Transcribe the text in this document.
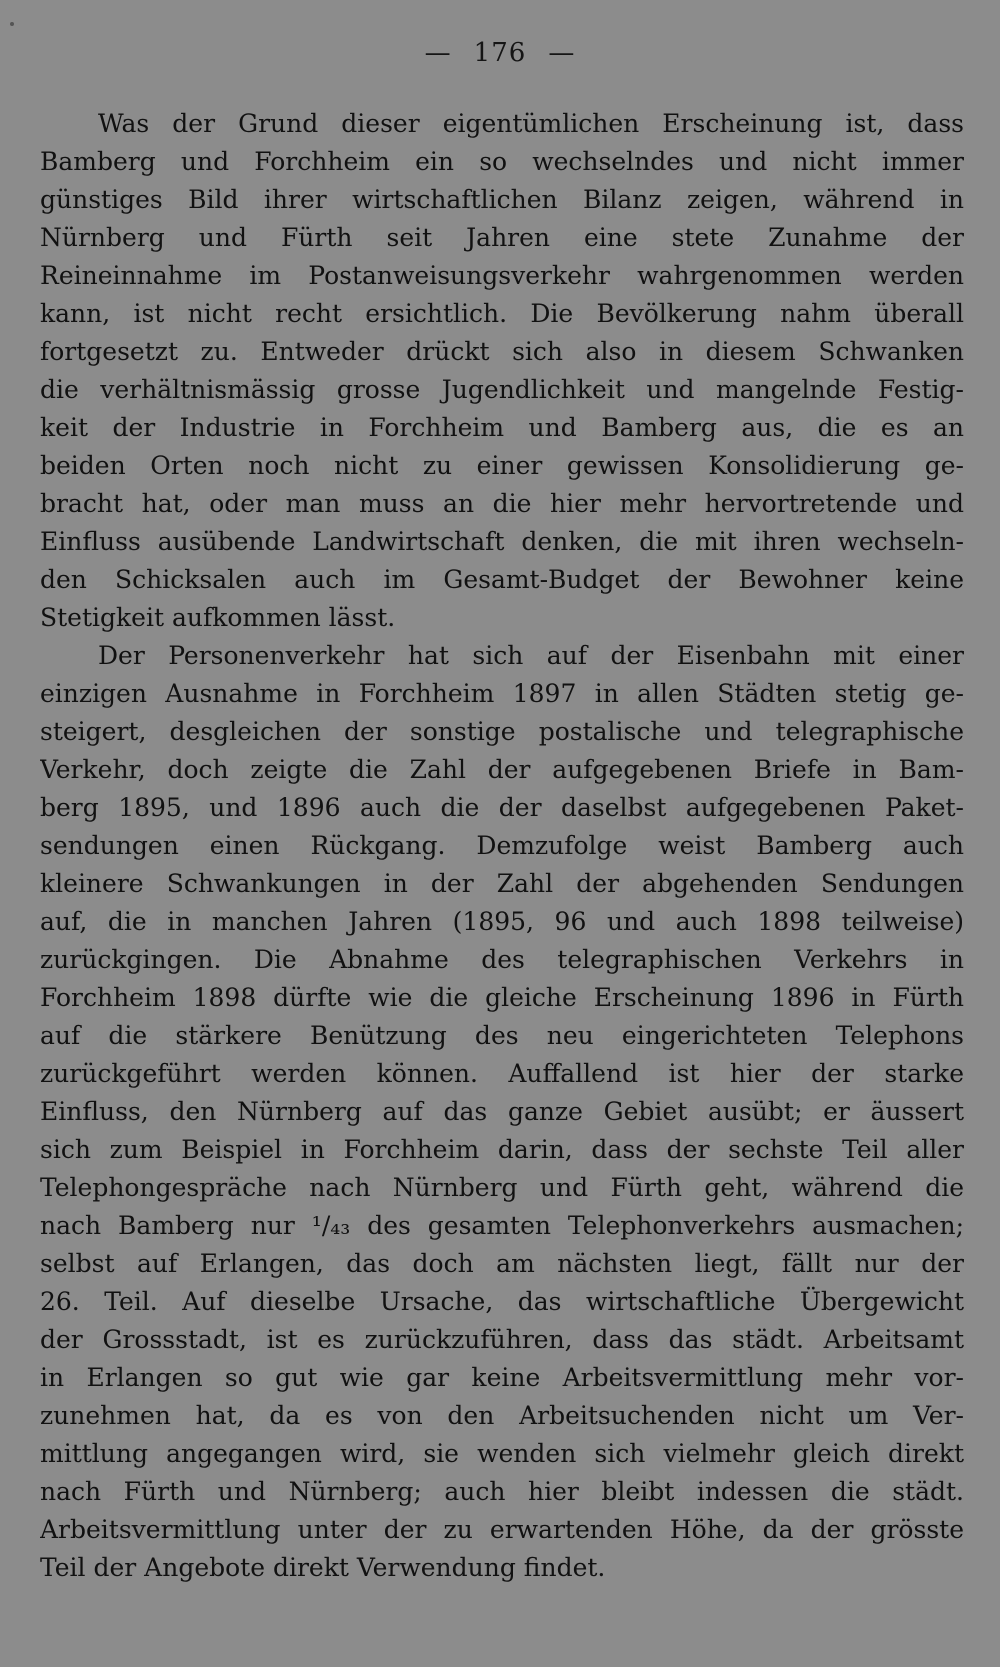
— 176 —
Was der Grund dieser eigentümlichen Erscheinung ist, dass
Bamberg und Forchheim ein so wechselndes und nicht immer
günstiges Bild ihrer wirtschaftlichen Bilanz zeigen, während in
Nürnberg und Fürth seit Jahren eine stete Zunahme der
Reineinnahme im Postanweisungsverkehr wahrgenommen werden
kann, ist nicht recht ersichtlich. Die Bevölkerung nahm überall
fortgesetzt zu. Entweder drückt sich also in diesem Schwanken
die verhältnismässig grosse Jugendlichkeit und mangelnde Festig-
keit der Industrie in Forchheim und Bamberg aus, die es an
beiden Orten noch nicht zu einer gewissen Konsolidierung ge-
bracht hat, oder man muss an die hier mehr hervortretende und
Einfluss ausübende Landwirtschaft denken, die mit ihren wechseln-
den Schicksalen auch im Gesamt-Budget der Bewohner keine
Stetigkeit aufkommen lässt.
Der Personenverkehr hat sich auf der Eisenbahn mit einer
einzigen Ausnahme in Forchheim 1897 in allen Städten stetig ge-
steigert, desgleichen der sonstige postalische und telegraphische
Verkehr, doch zeigte die Zahl der aufgegebenen Briefe in Bam-
berg 1895, und 1896 auch die der daselbst aufgegebenen Paket-
sendungen einen Rückgang. Demzufolge weist Bamberg auch
kleinere Schwankungen in der Zahl der abgehenden Sendungen
auf, die in manchen Jahren (1895, 96 und auch 1898 teilweise)
zurückgingen. Die Abnahme des telegraphischen Verkehrs in
Forchheim 1898 dürfte wie die gleiche Erscheinung 1896 in Fürth
auf die stärkere Benützung des neu eingerichteten Telephons
zurückgeführt werden können. Auffallend ist hier der starke
Einfluss, den Nürnberg auf das ganze Gebiet ausübt; er äussert
sich zum Beispiel in Forchheim darin, dass der sechste Teil aller
Telephongespräche nach Nürnberg und Fürth geht, während die
nach Bamberg nur ¹/₄₃ des gesamten Telephonverkehrs ausmachen;
selbst auf Erlangen, das doch am nächsten liegt, fällt nur der
26. Teil. Auf dieselbe Ursache, das wirtschaftliche Übergewicht
der Grossstadt, ist es zurückzuführen, dass das städt. Arbeitsamt
in Erlangen so gut wie gar keine Arbeitsvermittlung mehr vor-
zunehmen hat, da es von den Arbeitsuchenden nicht um Ver-
mittlung angegangen wird, sie wenden sich vielmehr gleich direkt
nach Fürth und Nürnberg; auch hier bleibt indessen die städt.
Arbeitsvermittlung unter der zu erwartenden Höhe, da der grösste
Teil der Angebote direkt Verwendung findet.
